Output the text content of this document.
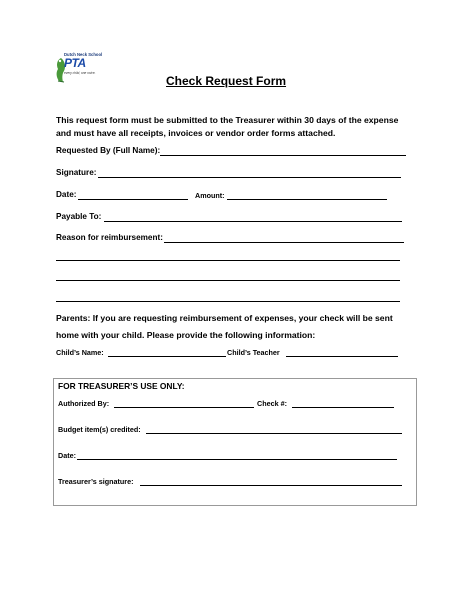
Dutch Neck School
PTA
every child, one voice.
Check Request Form
This request form must be submitted to the Treasurer within 30 days of the expense
and must have all receipts, invoices or vendor order forms attached.
Requested By (Full Name):
Signature:
Date:	Amount:
Payable To:
Reason for reimbursement:
Parents: If you are requesting reimbursement of expenses, your check will be sent
home with your child. Please provide the following information:
Child’s Name:	Child’s Teacher
FOR TREASURER’S USE ONLY:
Authorized By:	Check #:
Budget item(s) credited:
Date:
Treasurer’s signature:
